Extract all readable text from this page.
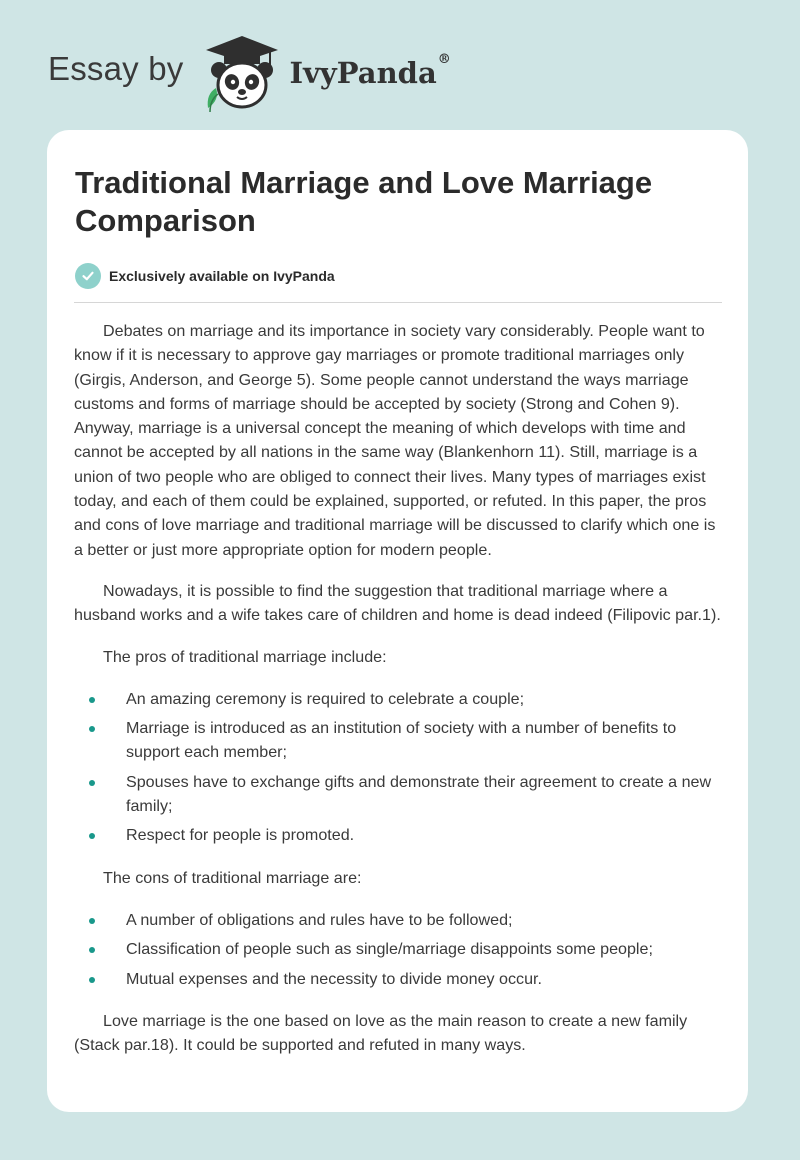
Essay by	IvyPanda®
Traditional Marriage and Love Marriage Comparison
Exclusively available on IvyPanda

Debates on marriage and its importance in society vary considerably. People want to know if it is necessary to approve gay marriages or promote traditional marriages only (Girgis, Anderson, and George 5). Some people cannot understand the ways marriage customs and forms of marriage should be accepted by society (Strong and Cohen 9). Anyway, marriage is a universal concept the meaning of which develops with time and cannot be accepted by all nations in the same way (Blankenhorn 11). Still, marriage is a union of two people who are obliged to connect their lives. Many types of marriages exist today, and each of them could be explained, supported, or refuted. In this paper, the pros and cons of love marriage and traditional marriage will be discussed to clarify which one is a better or just more appropriate option for modern people.

Nowadays, it is possible to find the suggestion that traditional marriage where a husband works and a wife takes care of children and home is dead indeed (Filipovic par.1).

The pros of traditional marriage include:

An amazing ceremony is required to celebrate a couple;
Marriage is introduced as an institution of society with a number of benefits to support each member;
Spouses have to exchange gifts and demonstrate their agreement to create a new family;
Respect for people is promoted.

The cons of traditional marriage are:

A number of obligations and rules have to be followed;
Classification of people such as single/marriage disappoints some people;
Mutual expenses and the necessity to divide money occur.

Love marriage is the one based on love as the main reason to create a new family (Stack par.18). It could be supported and refuted in many ways.
